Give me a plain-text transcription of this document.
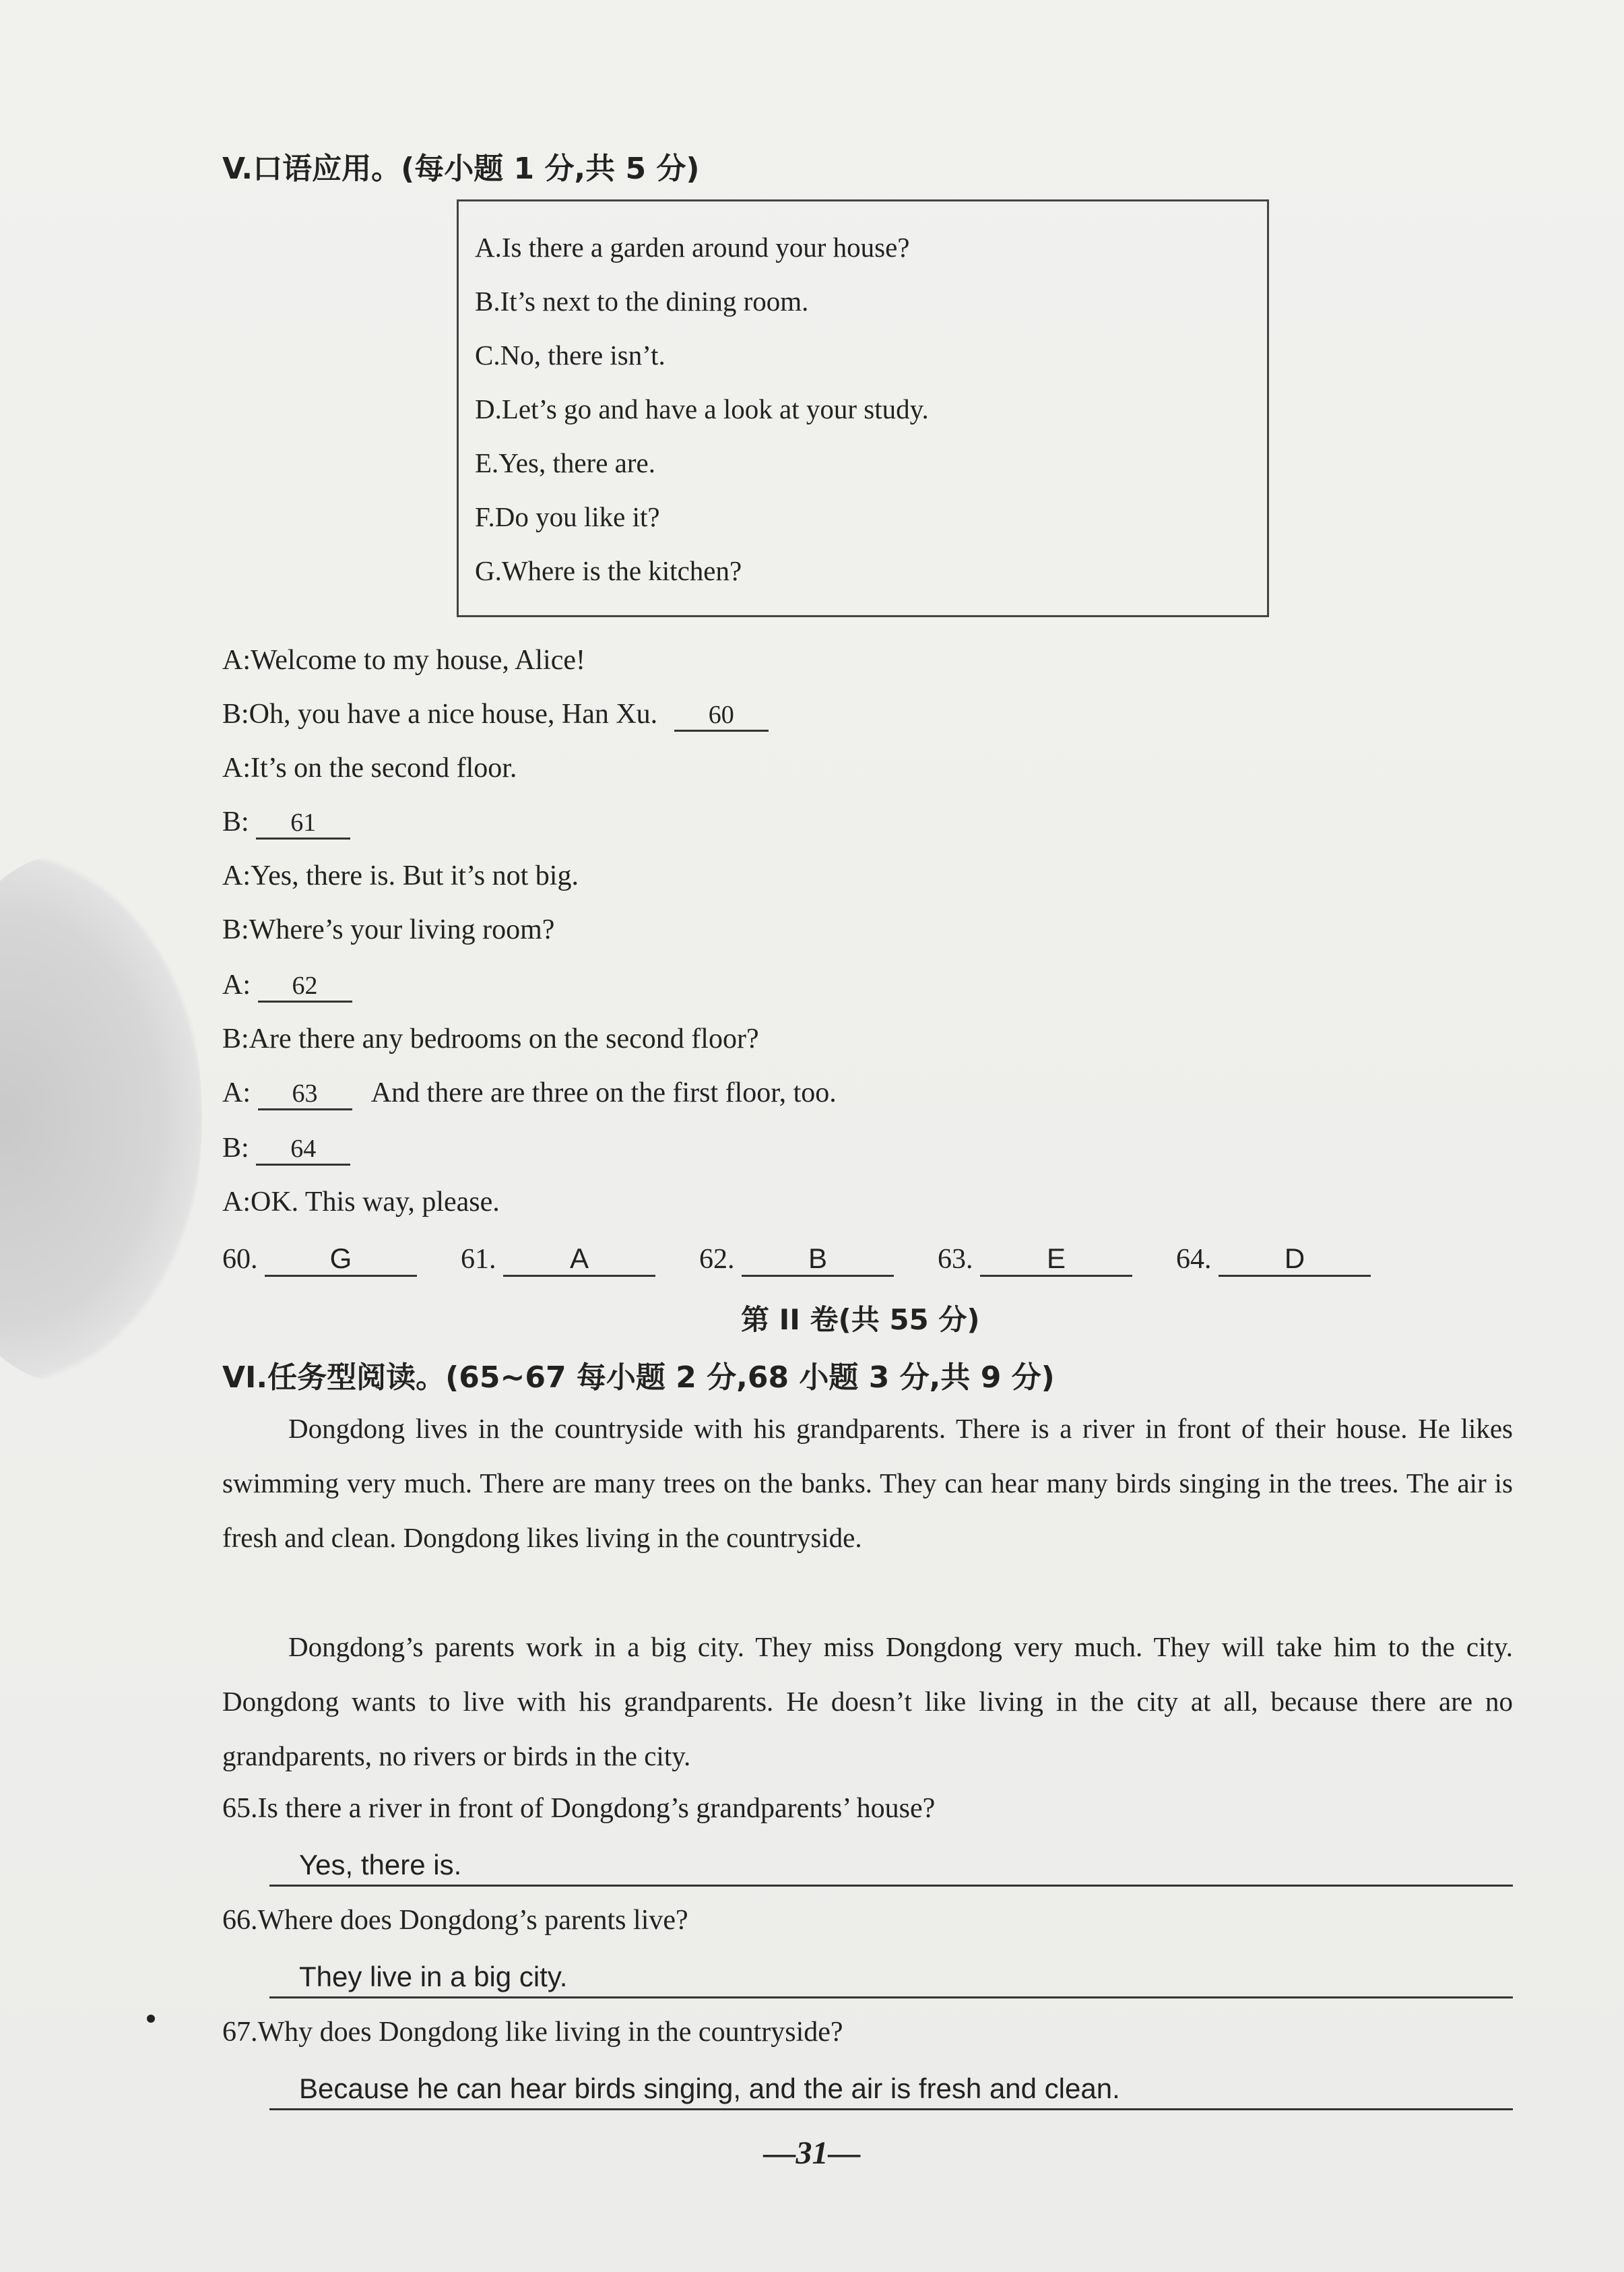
V.口语应用。(每小题 1 分,共 5 分)
A.Is there a garden around your house?
B.It’s next to the dining room.
C.No, there isn’t.
D.Let’s go and have a look at your study.
E.Yes, there are.
F.Do you like it?
G.Where is the kitchen?
A:Welcome to my house, Alice!
B:Oh, you have a nice house, Han Xu. 60
A:It’s on the second floor.
B: 61
A:Yes, there is. But it’s not big.
B:Where’s your living room?
A: 62
B:Are there any bedrooms on the second floor?
A: 63 And there are three on the first floor, too.
B: 64
A:OK. This way, please.
60.	G	61.	A	62.	B	63.	E	64.	D
第 II 卷(共 55 分)
VI.任务型阅读。(65~67 每小题 2 分,68 小题 3 分,共 9 分)
Dongdong lives in the countryside with his grandparents. There is a river in front of their house. He likes swimming very much. There are many trees on the banks. They can hear many birds singing in the trees. The air is fresh and clean. Dongdong likes living in the countryside.
Dongdong’s parents work in a big city. They miss Dongdong very much. They will take him to the city. Dongdong wants to live with his grandparents. He doesn’t like living in the city at all, because there are no grandparents, no rivers or birds in the city.
65.Is there a river in front of Dongdong’s grandparents’ house?
Yes, there is.
66.Where does Dongdong’s parents live?
They live in a big city.
67.Why does Dongdong like living in the countryside?
Because he can hear birds singing, and the air is fresh and clean.
—31—
